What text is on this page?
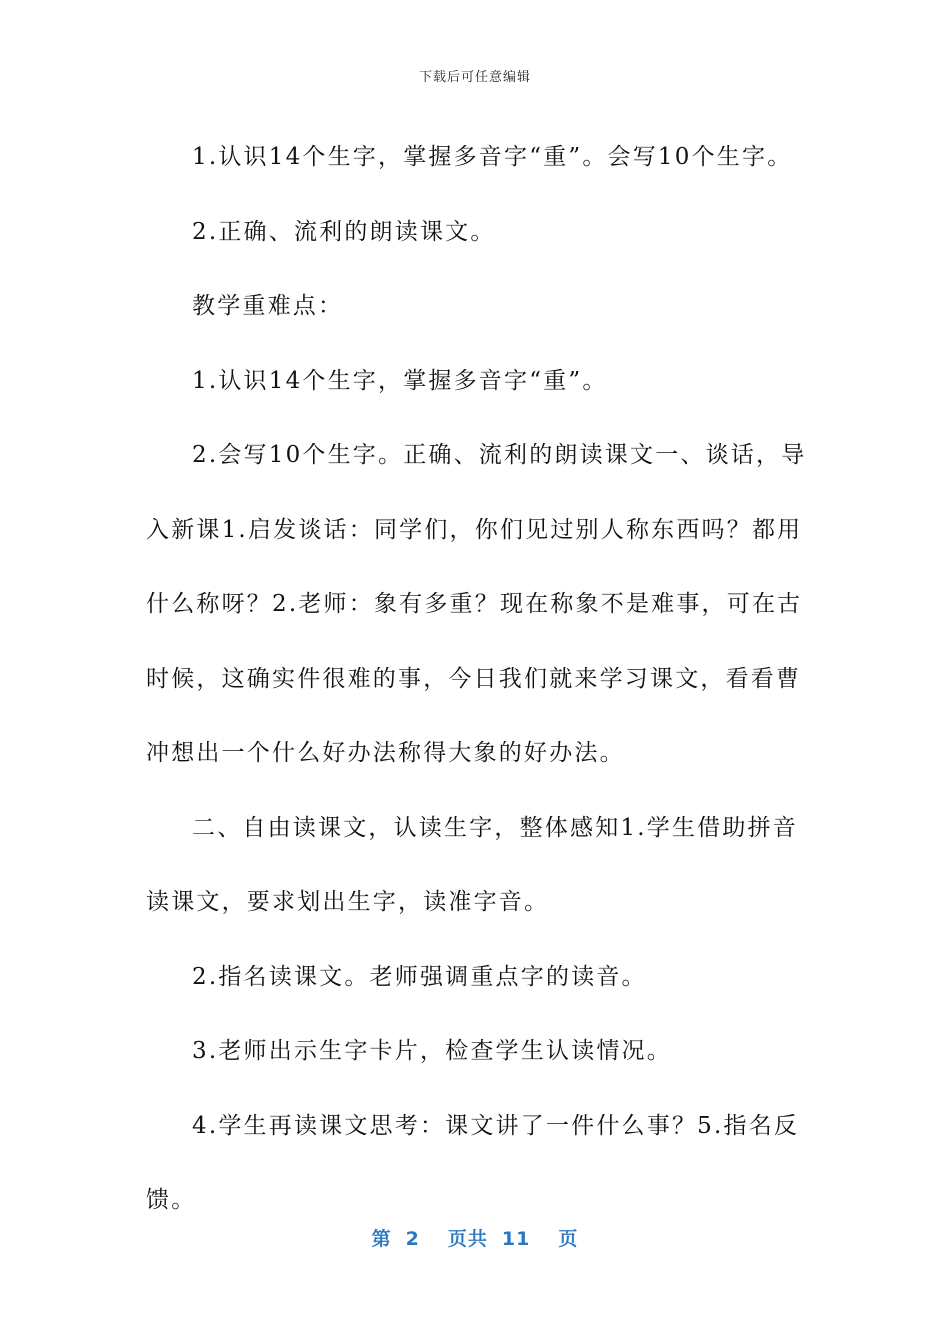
下载后可任意编辑

1.认识14个生字，掌握多音字“重”。会写10个生字。

2.正确、流利的朗读课文。

教学重难点：

1.认识14个生字，掌握多音字“重”。

2.会写10个生字。正确、流利的朗读课文一、谈话，导入新课1.启发谈话：同学们，你们见过别人称东西吗？都用什么称呀？2.老师：象有多重？现在称象不是难事，可在古时候，这确实件很难的事，今日我们就来学习课文，看看曹冲想出一个什么好办法称得大象的好办法。

二、自由读课文，认读生字，整体感知1.学生借助拼音读课文，要求划出生字，读准字音。

2.指名读课文。老师强调重点字的读音。

3.老师出示生字卡片，检查学生认读情况。

4.学生再读课文思考：课文讲了一件什么事？5.指名反馈。

第 2 页共 11 页
